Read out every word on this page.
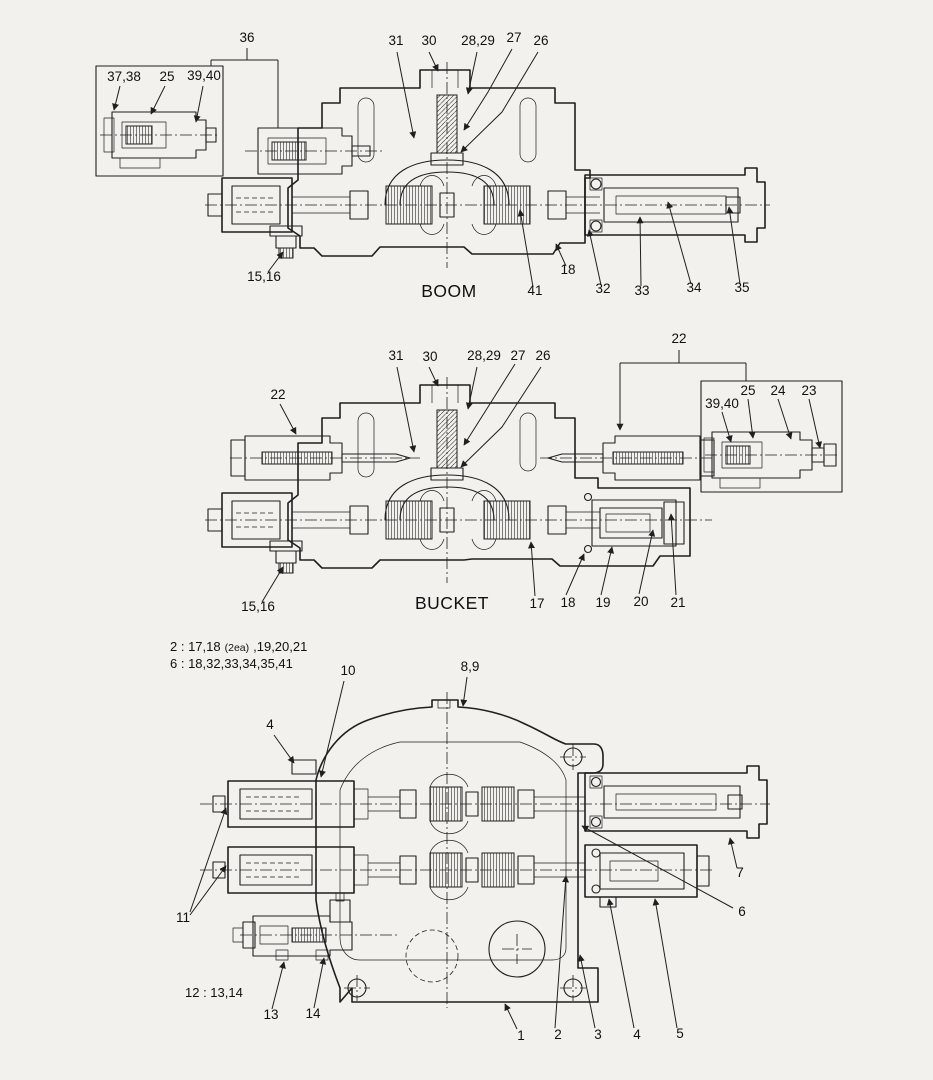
36
37,38 25 39,40
31 30 28,29 27 26
15,16
BOOM	41
18
32 33	34 35
22
31 30 28,29 27 26
22
39,40
25 24 23
15,16	BUCKET	17 18 19 20 21
2 : 17,18 (2ea) ,19,20,21
6 : 18,32,33,34,35,41	10	8,9
4
7
6
11
12 : 13,14
13 14
1 2 3 4	5
